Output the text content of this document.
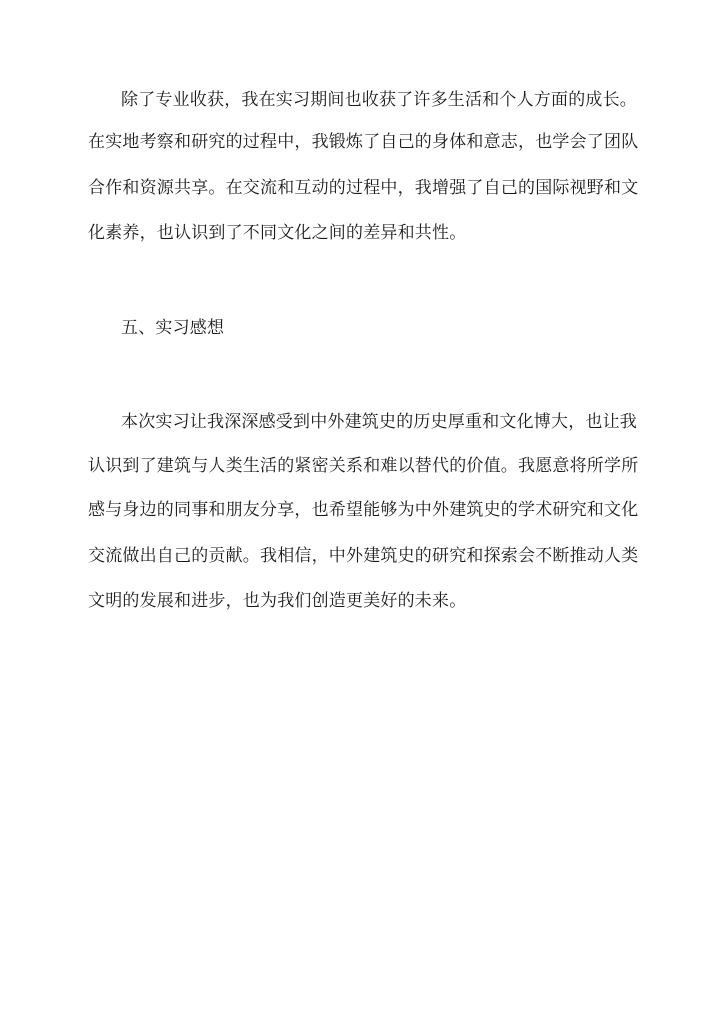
除了专业收获，我在实习期间也收获了许多生活和个人方面的成长。
在实地考察和研究的过程中，我锻炼了自己的身体和意志，也学会了团队
合作和资源共享。在交流和互动的过程中，我增强了自己的国际视野和文
化素养，也认识到了不同文化之间的差异和共性。
五、实习感想
本次实习让我深深感受到中外建筑史的历史厚重和文化博大，也让我
认识到了建筑与人类生活的紧密关系和难以替代的价值。我愿意将所学所
感与身边的同事和朋友分享，也希望能够为中外建筑史的学术研究和文化
交流做出自己的贡献。我相信，中外建筑史的研究和探索会不断推动人类
文明的发展和进步，也为我们创造更美好的未来。
